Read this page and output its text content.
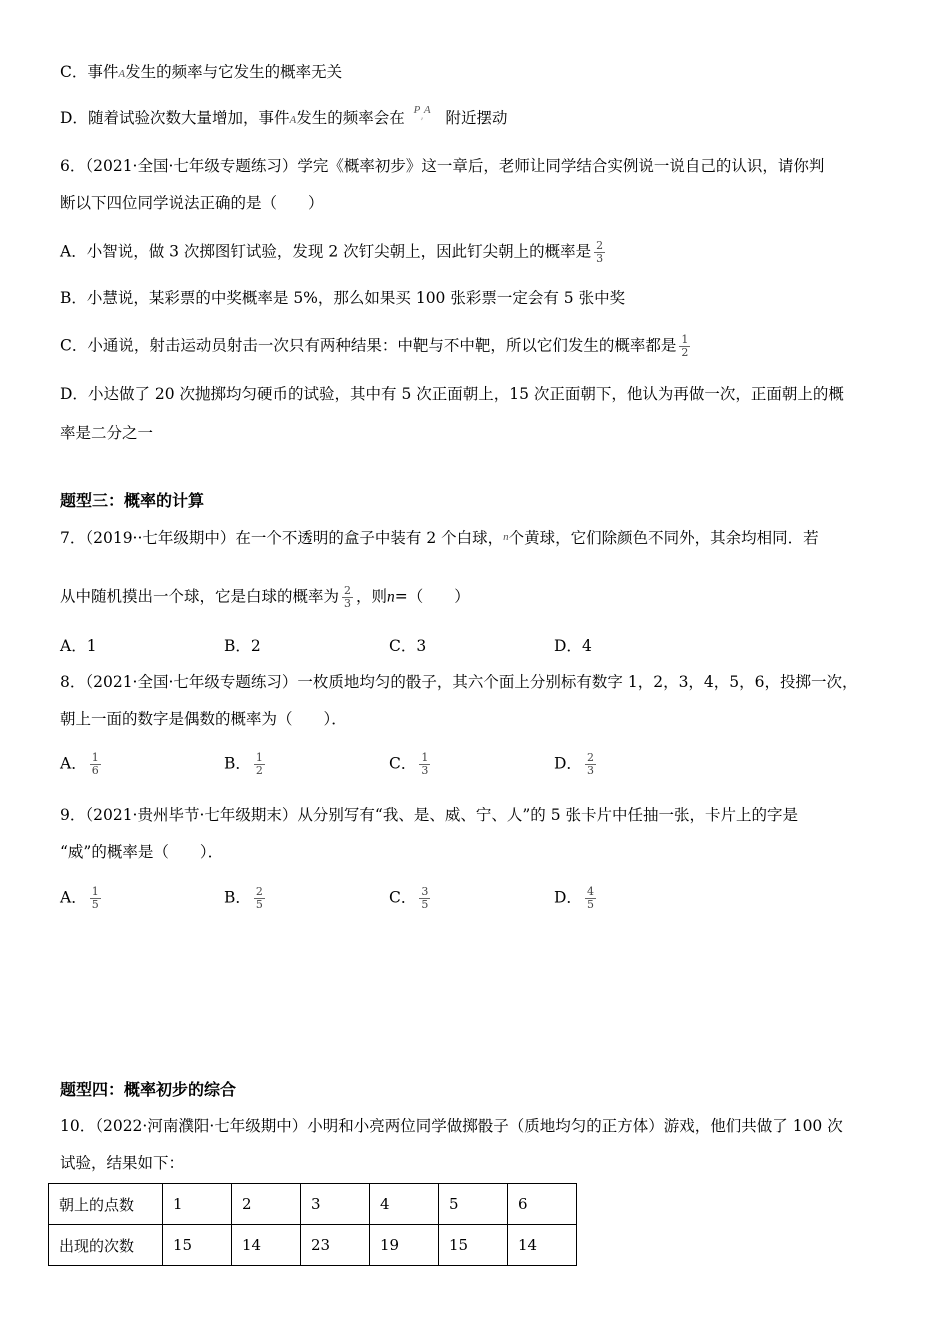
C．事件A发生的频率与它发生的概率无关
D．随着试验次数大量增加，事件A发生的频率会在 $^{P,A}$ 附近摆动
6．（2021·全国·七年级专题练习）学完《概率初步》这一章后，老师让同学结合实例说一说自己的认识，请你判
断以下四位同学说法正确的是（　　）
A．小智说，做 3 次掷图钉试验，发现 2 次钉尖朝上，因此钉尖朝上的概率是 $\frac{2}{3}$
B．小慧说，某彩票的中奖概率是 5%，那么如果买 100 张彩票一定会有 5 张中奖
C．小通说，射击运动员射击一次只有两种结果：中靶与不中靶，所以它们发生的概率都是 $\frac{1}{2}$
D．小达做了 20 次抛掷均匀硬币的试验，其中有 5 次正面朝上，15 次正面朝下，他认为再做一次，正面朝上的概
率是二分之一
题型三：概率的计算
7．（2019··七年级期中）在一个不透明的盒子中装有 2 个白球，n个黄球，它们除颜色不同外，其余均相同．若
从中随机摸出一个球，它是白球的概率为 $\frac{2}{3}$ ，则n=（　　）
A．1	B．2	C．3	D．4
8．（2021·全国·七年级专题练习）一枚质地均匀的骰子，其六个面上分别标有数字 1，2，3，4，5，6，投掷一次，
朝上一面的数字是偶数的概率为（　　）．
A． $\frac{1}{6}$	B． $\frac{1}{2}$	C． $\frac{1}{3}$	D． $\frac{2}{3}$
9．（2021·贵州毕节·七年级期末）从分别写有“我、是、威、宁、人”的 5 张卡片中任抽一张，卡片上的字是
“威”的概率是（　　）．
A． $\frac{1}{5}$	B． $\frac{2}{5}$	C． $\frac{3}{5}$	D． $\frac{4}{5}$
题型四：概率初步的综合
10．（2022·河南濮阳·七年级期中）小明和小亮两位同学做掷骰子（质地均匀的正方体）游戏，他们共做了 100 次
试验，结果如下：
朝上的点数	1	2	3	4	5	6
出现的次数	15	14	23	19	15	14
